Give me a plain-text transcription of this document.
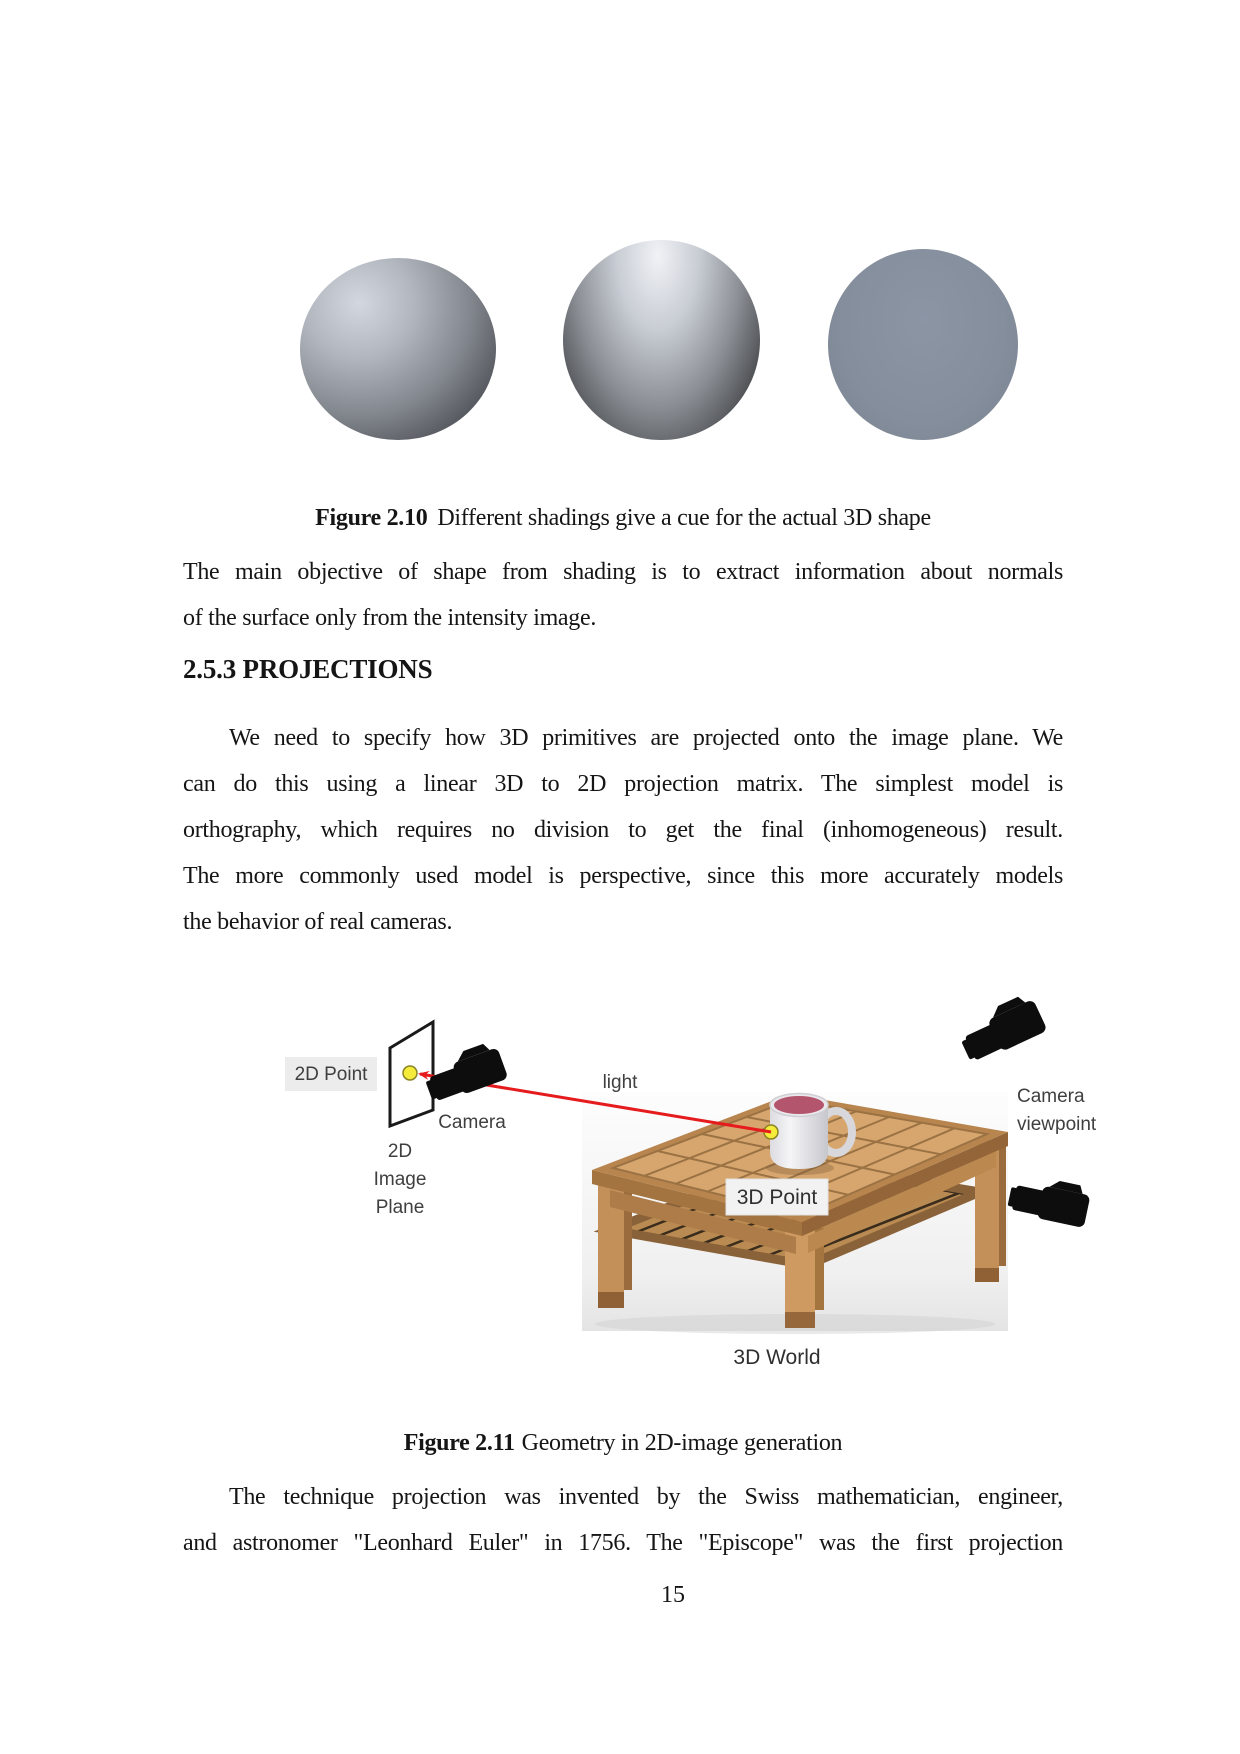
Figure 2.10 Different shadings give a cue for the actual 3D shape
The main objective of shape from shading is to extract information about normals
of the surface only from the intensity image.
2.5.3 PROJECTIONS
We need to specify how 3D primitives are projected onto the image plane. We
can do this using a linear 3D to 2D projection matrix. The simplest model is
orthography, which requires no division to get the final (inhomogeneous) result.
The more commonly used model is perspective, since this more accurately models
the behavior of real cameras.
2D Point
Camera
2D
Image
Plane
light
3D Point
Camera
viewpoint
3D World
Figure 2.11 Geometry in 2D-image generation
The technique projection was invented by the Swiss mathematician, engineer,
and astronomer "Leonhard Euler" in 1756. The "Episcope" was the first projection
15
